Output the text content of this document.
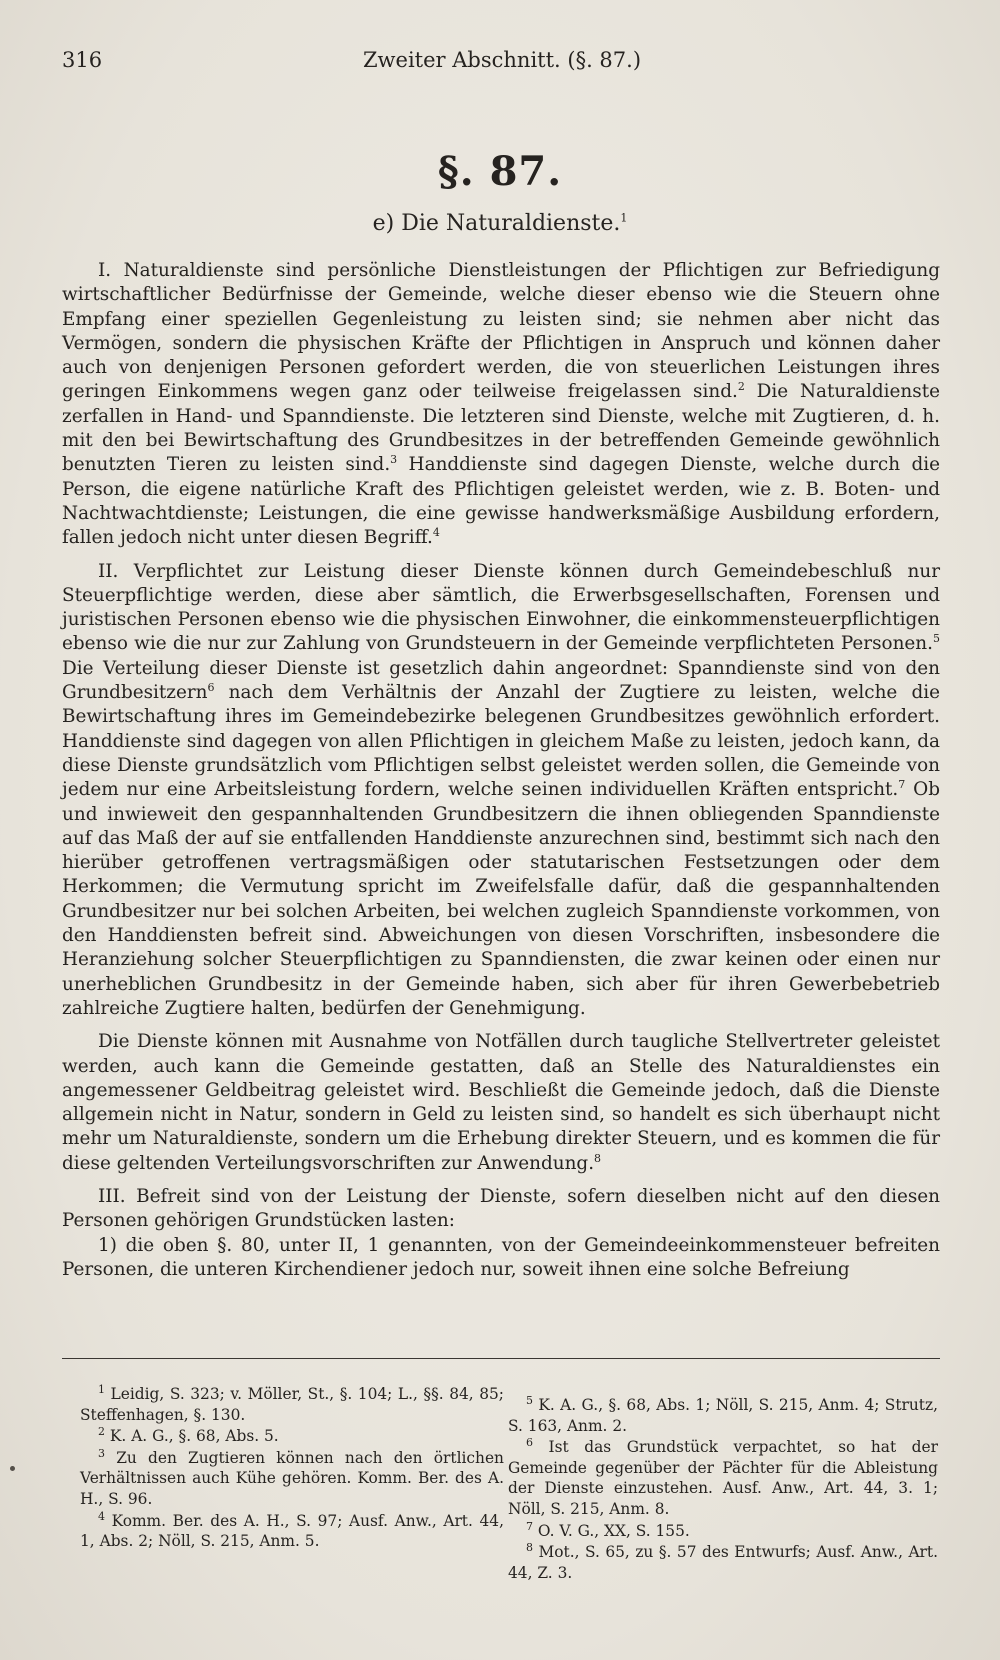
316	Zweiter Abschnitt. (§. 87.)
§. 87.
e) Die Naturaldienste.$^1$

I. Naturaldienste sind persönliche Dienstleistungen der Pflichtigen zur Befriedigung wirtschaftlicher Bedürfnisse der Gemeinde, welche dieser ebenso wie die Steuern ohne Empfang einer speziellen Gegenleistung zu leisten sind; sie nehmen aber nicht das Vermögen, sondern die physischen Kräfte der Pflichtigen in Anspruch und können daher auch von denjenigen Personen gefordert werden, die von steuerlichen Leistungen ihres geringen Einkommens wegen ganz oder teilweise freigelassen sind.$^2$ Die Naturaldienste zerfallen in Hand- und Spanndienste. Die letzteren sind Dienste, welche mit Zugtieren, d. h. mit den bei Bewirtschaftung des Grundbesitzes in der betreffenden Gemeinde gewöhnlich benutzten Tieren zu leisten sind.$^3$ Handdienste sind dagegen Dienste, welche durch die Person, die eigene natürliche Kraft des Pflichtigen geleistet werden, wie z. B. Boten- und Nachtwachtdienste; Leistungen, die eine gewisse handwerksmäßige Ausbildung erfordern, fallen jedoch nicht unter diesen Begriff.$^4$

II. Verpflichtet zur Leistung dieser Dienste können durch Gemeindebeschluß nur Steuerpflichtige werden, diese aber sämtlich, die Erwerbsgesellschaften, Forensen und juristischen Personen ebenso wie die physischen Einwohner, die einkommensteuerpflichtigen ebenso wie die nur zur Zahlung von Grundsteuern in der Gemeinde verpflichteten Personen.$^5$ Die Verteilung dieser Dienste ist gesetzlich dahin angeordnet: Spanndienste sind von den Grundbesitzern$^6$ nach dem Verhältnis der Anzahl der Zugtiere zu leisten, welche die Bewirtschaftung ihres im Gemeindebezirke belegenen Grundbesitzes gewöhnlich erfordert. Handdienste sind dagegen von allen Pflichtigen in gleichem Maße zu leisten, jedoch kann, da diese Dienste grundsätzlich vom Pflichtigen selbst geleistet werden sollen, die Gemeinde von jedem nur eine Arbeitsleistung fordern, welche seinen individuellen Kräften entspricht.$^7$ Ob und inwieweit den gespannhaltenden Grundbesitzern die ihnen obliegenden Spanndienste auf das Maß der auf sie entfallenden Handdienste anzurechnen sind, bestimmt sich nach den hierüber getroffenen vertragsmäßigen oder statutarischen Festsetzungen oder dem Herkommen; die Vermutung spricht im Zweifelsfalle dafür, daß die gespannhaltenden Grundbesitzer nur bei solchen Arbeiten, bei welchen zugleich Spanndienste vorkommen, von den Handdiensten befreit sind. Abweichungen von diesen Vorschriften, insbesondere die Heranziehung solcher Steuerpflichtigen zu Spanndiensten, die zwar keinen oder einen nur unerheblichen Grundbesitz in der Gemeinde haben, sich aber für ihren Gewerbebetrieb zahlreiche Zugtiere halten, bedürfen der Genehmigung.

Die Dienste können mit Ausnahme von Notfällen durch taugliche Stellvertreter geleistet werden, auch kann die Gemeinde gestatten, daß an Stelle des Naturaldienstes ein angemessener Geldbeitrag geleistet wird. Beschließt die Gemeinde jedoch, daß die Dienste allgemein nicht in Natur, sondern in Geld zu leisten sind, so handelt es sich überhaupt nicht mehr um Naturaldienste, sondern um die Erhebung direkter Steuern, und es kommen die für diese geltenden Verteilungsvorschriften zur Anwendung.$^8$

III. Befreit sind von der Leistung der Dienste, sofern dieselben nicht auf den diesen Personen gehörigen Grundstücken lasten:

1) die oben §. 80, unter II, 1 genannten, von der Gemeindeeinkommensteuer befreiten Personen, die unteren Kirchendiener jedoch nur, soweit ihnen eine solche Befreiung

$^1$ Leidig, S. 323; v. Möller, St., §. 104; L., §§. 84, 85; Steffenhagen, §. 130.

$^2$ K. A. G., §. 68, Abs. 5.

$^3$ Zu den Zugtieren können nach den örtlichen Verhältnissen auch Kühe gehören. Komm. Ber. des A. H., S. 96.

$^4$ Komm. Ber. des A. H., S. 97; Ausf. Anw., Art. 44, 1, Abs. 2; Nöll, S. 215, Anm. 5.

$^5$ K. A. G., §. 68, Abs. 1; Nöll, S. 215, Anm. 4; Strutz, S. 163, Anm. 2.

$^6$ Ist das Grundstück verpachtet, so hat der Gemeinde gegenüber der Pächter für die Ableistung der Dienste einzustehen. Ausf. Anw., Art. 44, 3. 1; Nöll, S. 215, Anm. 8.

$^7$ O. V. G., XX, S. 155.

$^8$ Mot., S. 65, zu §. 57 des Entwurfs; Ausf. Anw., Art. 44, Z. 3.
